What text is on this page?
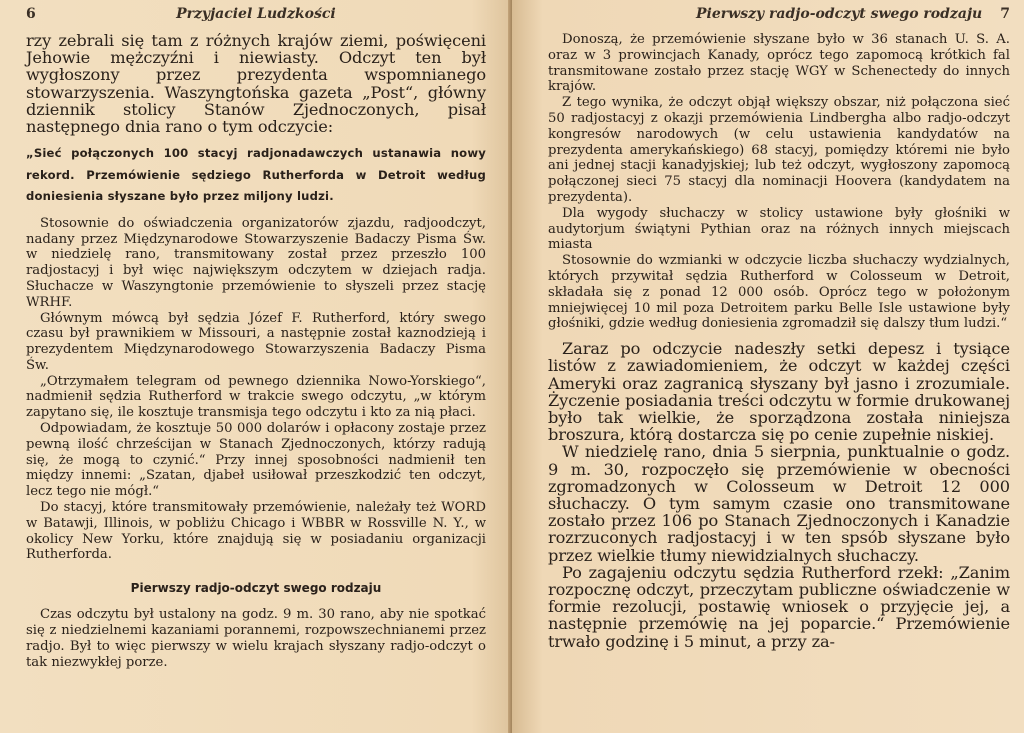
6	Przyjaciel Ludzkości

rzy zebrali się tam z różnych krajów ziemi, poświęceni Jehowie mężczyźni i niewiasty. Odczyt ten był wygłoszony przez prezydenta wspomnianego stowarzyszenia. Waszyngtońska gazeta „Post“, główny dziennik stolicy Stanów Zjednoczonych, pisał następnego dnia rano o tym odczycie:

„Sieć połączonych 100 stacyj radjonadawczych ustanawia nowy rekord. Przemówienie sędziego Rutherforda w Detroit według doniesienia słyszane było przez miljony ludzi.

Stosownie do oświadczenia organizatorów zjazdu, radjoodczyt, nadany przez Międzynarodowe Stowarzyszenie Badaczy Pisma Św. w niedzielę rano, transmitowany został przez przeszło 100 radjostacyj i był więc największym odczytem w dziejach radja. Słuchacze w Waszyngtonie przemówienie to słyszeli przez stację WRHF.

Głównym mówcą był sędzia Józef F. Rutherford, który swego czasu był prawnikiem w Missouri, a następnie został kaznodzieją i prezydentem Międzynarodowego Stowarzyszenia Badaczy Pisma Św.

„Otrzymałem telegram od pewnego dziennika Nowo-Yorskiego“, nadmienił sędzia Rutherford w trakcie swego odczytu, „w którym zapytano się, ile kosztuje transmisja tego odczytu i kto za nią płaci.

Odpowiadam, że kosztuje 50 000 dolarów i opłacony zostaje przez pewną ilość chrześcijan w Stanach Zjednoczonych, którzy radują się, że mogą to czynić.“ Przy innej sposobności nadmienił ten między innemi: „Szatan, djabeł usiłował przeszkodzić ten odczyt, lecz tego nie mógł.“

Do stacyj, które transmitowały przemówienie, należały też WORD w Batawji, Illinois, w pobliżu Chicago i WBBR w Rossville N. Y., w okolicy New Yorku, które znajdują się w posiadaniu organizacji Rutherforda.

Pierwszy radjo-odczyt swego rodzaju

Czas odczytu był ustalony na godz. 9 m. 30 rano, aby nie spotkać się z niedzielnemi kazaniami porannemi, rozpowszechnianemi przez radjo. Był to więc pierwszy w wielu krajach słyszany radjo-odczyt o tak niezwykłej porze.

Pierwszy radjo-odczyt swego rodzaju 7

Donoszą, że przemówienie słyszane było w 36 stanach U. S. A. oraz w 3 prowincjach Kanady, oprócz tego zapomocą krótkich fal transmitowane zostało przez stację WGY w Schenectedy do innych krajów.

Z tego wynika, że odczyt objął większy obszar, niż połączona sieć 50 radjostacyj z okazji przemówienia Lindbergha albo radjo-odczyt kongresów narodowych (w celu ustawienia kandydatów na prezydenta amerykańskiego) 68 stacyj, pomiędzy któremi nie było ani jednej stacji kanadyjskiej; lub też odczyt, wygłoszony zapomocą połączonej sieci 75 stacyj dla nominacji Hoovera (kandydatem na prezydenta).

Dla wygody słuchaczy w stolicy ustawione były głośniki w audytorjum świątyni Pythian oraz na różnych innych miejscach miasta

Stosownie do wzmianki w odczycie liczba słuchaczy wydzialnych, których przywitał sędzia Rutherford w Colosseum w Detroit, składała się z ponad 12 000 osób. Oprócz tego w położonym mniejwięcej 10 mil poza Detroitem parku Belle Isle ustawione były głośniki, gdzie według doniesienia zgromadził się dalszy tłum ludzi.“

Zaraz po odczycie nadeszły setki depesz i tysiące listów z zawiadomieniem, że odczyt w każdej części Ameryki oraz zagranicą słyszany był jasno i zrozumiale. Życzenie posiadania treści odczytu w formie drukowanej było tak wielkie, że sporządzona została niniejsza broszura, którą dostarcza się po cenie zupełnie niskiej.

W niedzielę rano, dnia 5 sierpnia, punktualnie o godz. 9 m. 30, rozpoczęło się przemówienie w obecności zgromadzonych w Colosseum w Detroit 12 000 słuchaczy. O tym samym czasie ono transmitowane zostało przez 106 po Stanach Zjednoczonych i Kanadzie rozrzuconych radjostacyj i w ten spsób słyszane było przez wielkie tłumy niewidzialnych słuchaczy.

Po zagajeniu odczytu sędzia Rutherford rzekł: „Zanim rozpocznę odczyt, przeczytam publiczne oświadczenie w formie rezolucji, postawię wniosek o przyjęcie jej, a następnie przemówię na jej poparcie.“ Przemówienie trwało godzinę i 5 minut, a przy za-
